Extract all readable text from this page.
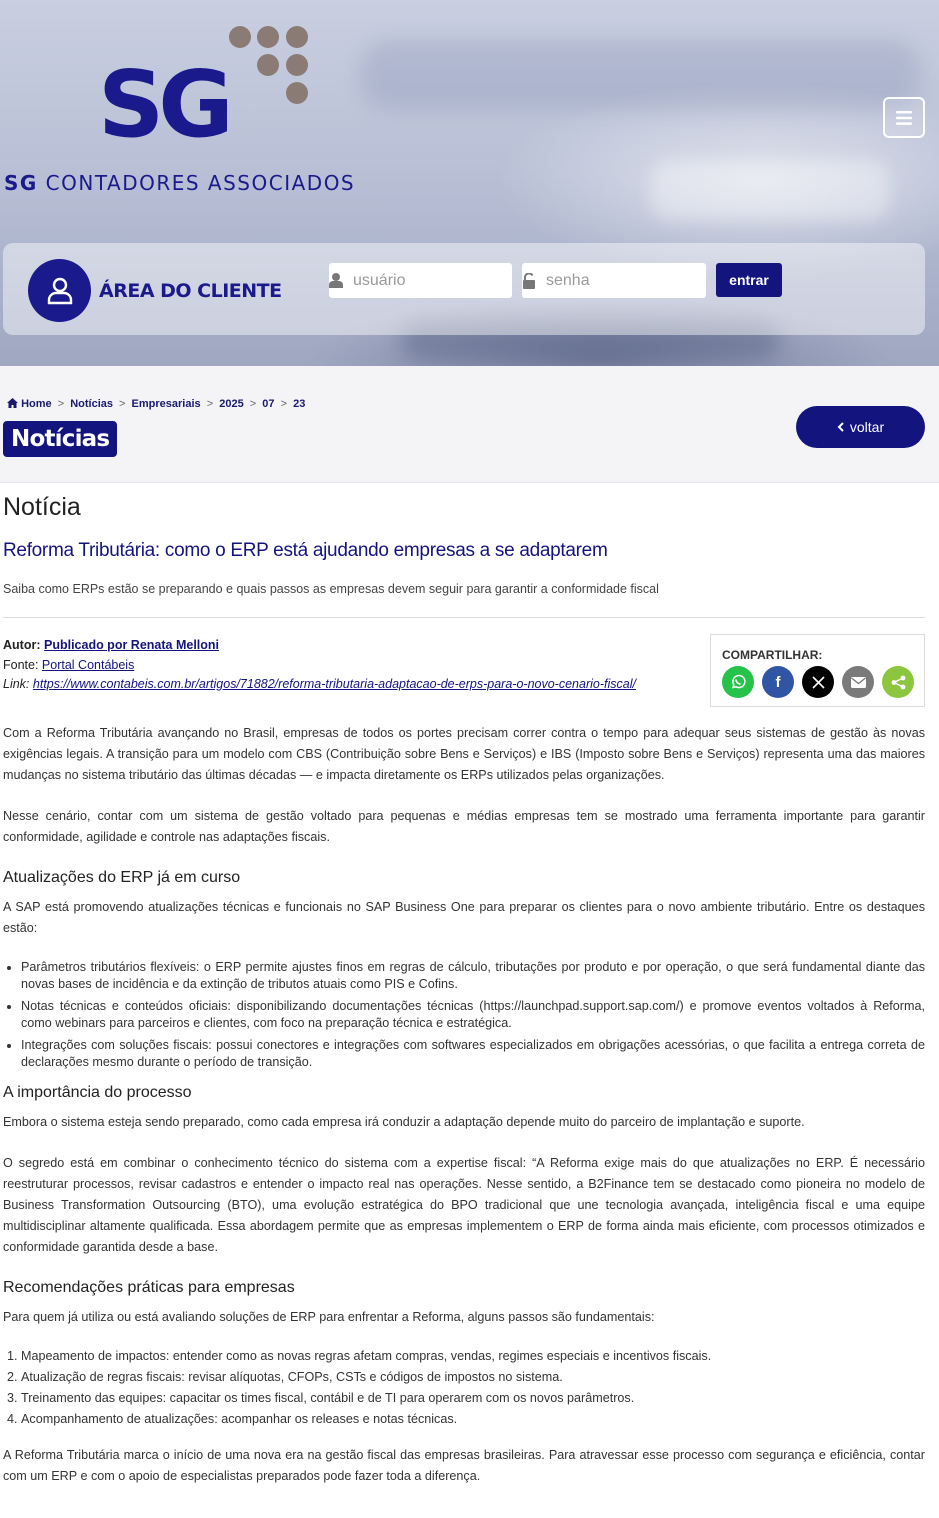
SG
SG CONTADORES ASSOCIADOS
ÁREA DO CLIENTE
usuário	entrar
Home > Notícias > Empresariais > 2025 > 07 > 23
Notícias	voltar
Notícia
Reforma Tributária: como o ERP está ajudando empresas a se adaptarem
Saiba como ERPs estão se preparando e quais passos as empresas devem seguir para garantir a conformidade fiscal
Autor: Publicado por Renata Melloni
Fonte: Portal Contábeis
Link: https://www.contabeis.com.br/artigos/71882/reforma-tributaria-adaptacao-de-erps-para-o-novo-cenario-fiscal/
COMPARTILHAR:
f

Com a Reforma Tributária avançando no Brasil, empresas de todos os portes precisam correr contra o tempo para adequar seus sistemas de gestão às novas exigências legais. A transição para um modelo com CBS (Contribuição sobre Bens e Serviços) e IBS (Imposto sobre Bens e Serviços) representa uma das maiores mudanças no sistema tributário das últimas décadas — e impacta diretamente os ERPs utilizados pelas organizações.

Nesse cenário, contar com um sistema de gestão voltado para pequenas e médias empresas tem se mostrado uma ferramenta importante para garantir conformidade, agilidade e controle nas adaptações fiscais.

Atualizações do ERP já em curso

A SAP está promovendo atualizações técnicas e funcionais no SAP Business One para preparar os clientes para o novo ambiente tributário. Entre os destaques estão:

• Parâmetros tributários flexíveis: o ERP permite ajustes finos em regras de cálculo, tributações por produto e por operação, o que será fundamental diante das novas bases de incidência e da extinção de tributos atuais como PIS e Cofins.
• Notas técnicas e conteúdos oficiais: disponibilizando documentações técnicas (https://launchpad.support.sap.com/) e promove eventos voltados à Reforma, como webinars para parceiros e clientes, com foco na preparação técnica e estratégica.
• Integrações com soluções fiscais: possui conectores e integrações com softwares especializados em obrigações acessórias, o que facilita a entrega correta de declarações mesmo durante o período de transição.
A importância do processo

Embora o sistema esteja sendo preparado, como cada empresa irá conduzir a adaptação depende muito do parceiro de implantação e suporte.

O segredo está em combinar o conhecimento técnico do sistema com a expertise fiscal: “A Reforma exige mais do que atualizações no ERP. É necessário reestruturar processos, revisar cadastros e entender o impacto real nas operações. Nesse sentido, a B2Finance tem se destacado como pioneira no modelo de Business Transformation Outsourcing (BTO), uma evolução estratégica do BPO tradicional que une tecnologia avançada, inteligência fiscal e uma equipe multidisciplinar altamente qualificada. Essa abordagem permite que as empresas implementem o ERP de forma ainda mais eficiente, com processos otimizados e conformidade garantida desde a base.

Recomendações práticas para empresas

Para quem já utiliza ou está avaliando soluções de ERP para enfrentar a Reforma, alguns passos são fundamentais:

1. Mapeamento de impactos: entender como as novas regras afetam compras, vendas, regimes especiais e incentivos fiscais.
2. Atualização de regras fiscais: revisar alíquotas, CFOPs, CSTs e códigos de impostos no sistema.
3. Treinamento das equipes: capacitar os times fiscal, contábil e de TI para operarem com os novos parâmetros.
4. Acompanhamento de atualizações: acompanhar os releases e notas técnicas.

A Reforma Tributária marca o início de uma nova era na gestão fiscal das empresas brasileiras. Para atravessar esse processo com segurança e eficiência, contar com um ERP e com o apoio de especialistas preparados pode fazer toda a diferença.
